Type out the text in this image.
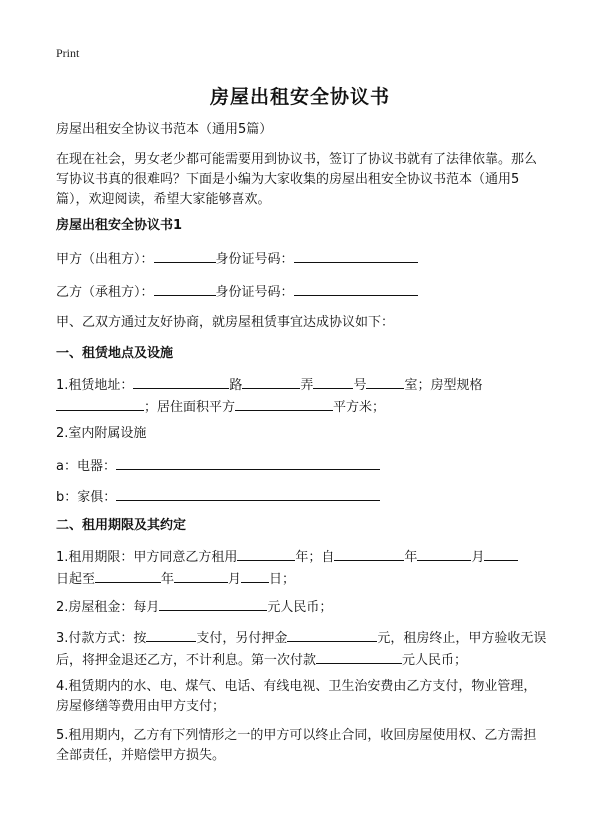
Print
房屋出租安全协议书
房屋出租安全协议书范本（通用5篇）
在现在社会，男女老少都可能需要用到协议书，签订了协议书就有了法律依靠。那么写协议书真的很难吗？下面是小编为大家收集的房屋出租安全协议书范本（通用5篇），欢迎阅读，希望大家能够喜欢。
房屋出租安全协议书1
甲方（出租方）：	身份证号码：
乙方（承租方）：	身份证号码：
甲、乙双方通过友好协商，就房屋租赁事宜达成协议如下：
一、租赁地点及设施
1.租赁地址：	路	弄	号	室；房型规格
；居住面积平方	平方米；
2.室内附属设施
a：电器：
b：家俱：
二、租用期限及其约定
1.租用期限：甲方同意乙方租用	年；自	年	月
日起至	年	月 日；
2.房屋租金：每月	元人民币；
3.付款方式：按	支付，另付押金	元，租房终止，甲方验收无误后，将押金退还乙方，不计利息。第一次付款	元人民币；
4.租赁期内的水、电、煤气、电话、有线电视、卫生治安费由乙方支付，物业管理，房屋修缮等费用由甲方支付；
5.租用期内，乙方有下列情形之一的甲方可以终止合同，收回房屋使用权、乙方需担全部责任，并赔偿甲方损失。
